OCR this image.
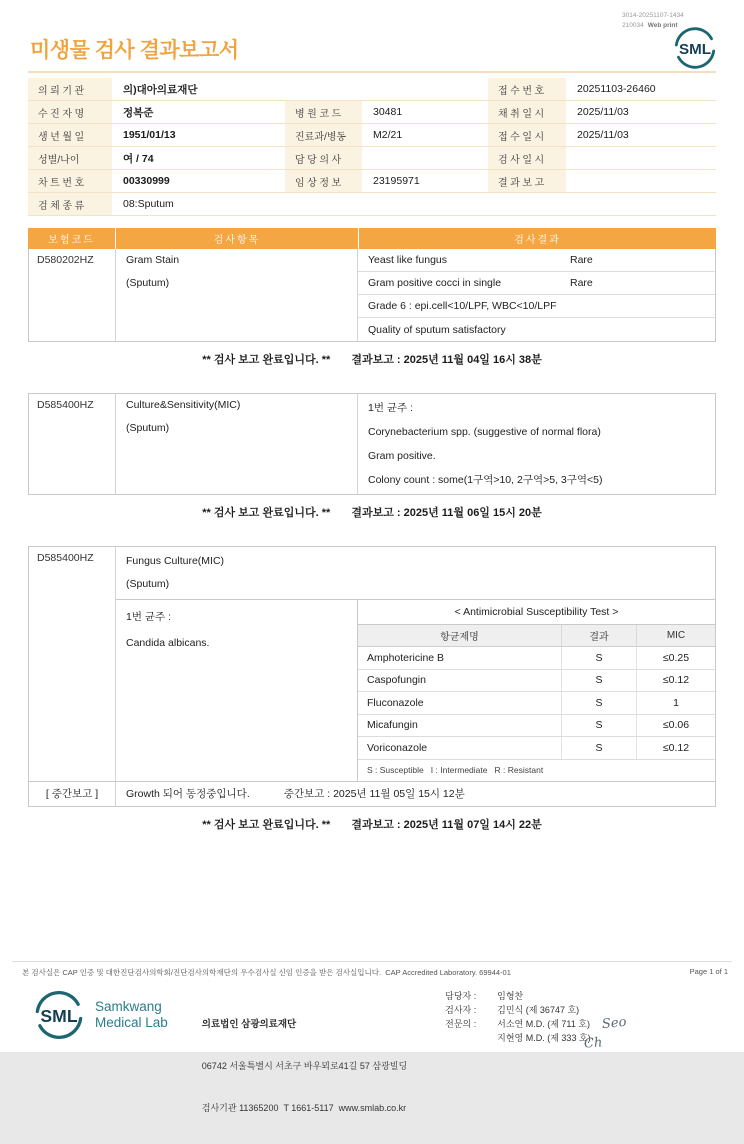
3014-20251107-1434
210034 Web print
미생물 검사 결과보고서	SML
의뢰기관	의)대아의료재단	접수번호	20251103-26460
수진자명	정복준	병원코드	30481	채취일시	2025/11/03
생년월일	1951/01/13	진료과/병동	M2/21	접수일시	2025/11/03
성별/나이	여 / 74	담당의사	검사일시
차트번호	00330999	임상정보	23195971	결과보고
검체종류	08:Sputum
보험코드	검사항목	검사결과
D580202HZ	Gram Stain
(Sputum)
Yeast like fungus	Rare
Gram positive cocci in single	Rare
Grade 6 : epi.cell<10/LPF, WBC<10/LPF
Quality of sputum satisfactory
** 검사 보고 완료입니다. ** 결과보고 : 2025년 11월 04일 16시 38분
D585400HZ	Culture&Sensitivity(MIC)
(Sputum)
1번 균주 :
Corynebacterium spp. (suggestive of normal flora)
Gram positive.
Colony count : some(1구역>10, 2구역>5, 3구역<5)
** 검사 보고 완료입니다. ** 결과보고 : 2025년 11월 06일 15시 20분
D585400HZ	Fungus Culture(MIC)
(Sputum)
1번 균주 :
Candida albicans.
< Antimicrobial Susceptibility Test >
항균제명	결과	MIC
Amphotericine B	S	≤0.25
Caspofungin	S	≤0.12
Fluconazole	S	1
Micafungin	S	≤0.06
Voriconazole	S	≤0.12
S : Susceptible   I : Intermediate   R : Resistant
[ 중간보고 ]	Growth 되어 동정중입니다.	중간보고 : 2025년 11월 05일 15시 12분
** 검사 보고 완료입니다. ** 결과보고 : 2025년 11월 07일 14시 22분
본 검사실은 CAP 인증 및 대한진단검사의학회/진단검사의학재단의 우수검사실 신임 인증을 받은 검사실입니다.  CAP Accredited Laboratory. 69944-01	Page 1 of 1
SML Samkwang
Medical Lab

	의료법인 삼광의료재단

06742 서울특별시 서초구 바우뫼로41길 57 삼광빌딩

검사기관 11365200  T 1661-5117  www.smlab.co.kr

담당자 :	임형찬
검사자 :	김민식 (제 36747 호)
전문의 :	서소연 M.D. (제 711 호)
지현영 M.D. (제 333 호)
Seo
Ch
